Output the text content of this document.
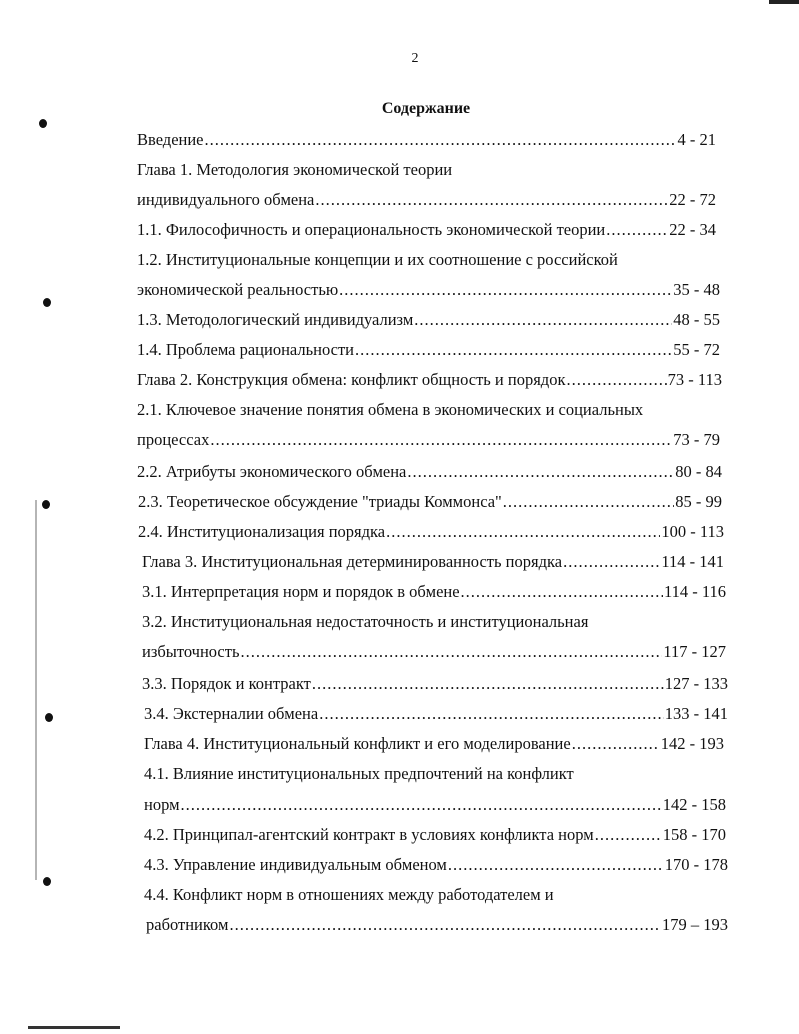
2
Содержание
Введение .....	4 - 21
Глава 1. Методология экономической теории
индивидуального обмена .....	22 - 72
1.1. Философичность и операциональность экономической теории .....	22 - 34
1.2. Институциональные концепции и их соотношение с российской
экономической реальностью .....	35 - 48
1.3. Методологический индивидуализм .....	48 - 55
1.4. Проблема рациональности .....	55 - 72
Глава 2. Конструкция обмена: конфликт общность и порядок .....	73 - 113
2.1. Ключевое значение понятия обмена в экономических и социальных
процессах .....	73 - 79
2.2. Атрибуты экономического обмена .....	80 - 84
2.3. Теоретическое обсуждение "триады Коммонса" .....	85 - 99
2.4. Институционализация порядка .....	100 - 113
Глава 3. Институциональная детерминированность порядка .....	114 - 141
3.1. Интерпретация норм и порядок в обмене .....	114 - 116
3.2. Институциональная недостаточность и институциональная
избыточность .....	117 - 127
3.3. Порядок и контракт .....	127 - 133
3.4. Экстерналии обмена .....	133 - 141
Глава 4. Институциональный конфликт и его моделирование .....	142 - 193
4.1. Влияние институциональных предпочтений на конфликт
норм .....	142 - 158
4.2. Принципал-агентский контракт в условиях конфликта норм .....	158 - 170
4.3. Управление индивидуальным обменом .....	170 - 178
4.4. Конфликт норм в отношениях между работодателем и
работником .....	179 – 193
